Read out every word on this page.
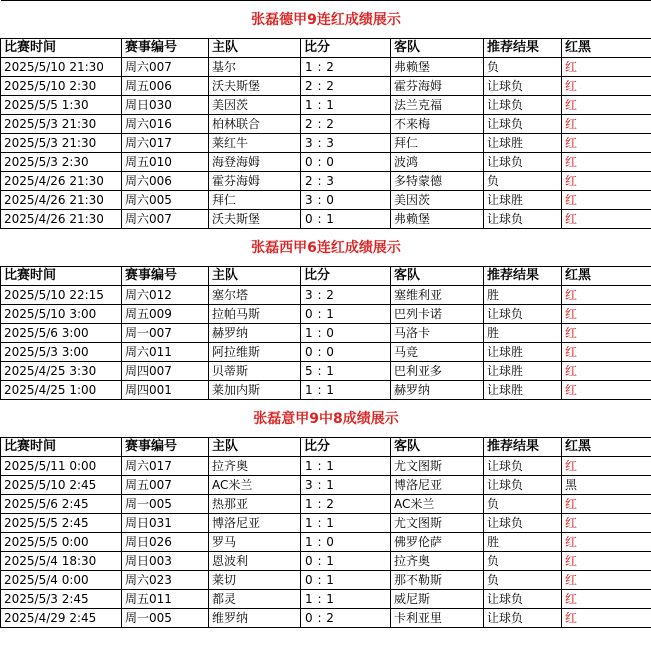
张磊德甲9连红成绩展示						
比赛时间	赛事编号	主队	比分	客队	推荐结果	红黑
2025/5/10 21:30	周六007	基尔	1 : 2	弗赖堡	负	红
2025/5/10 2:30	周五006	沃夫斯堡	2 : 2	霍芬海姆	让球负	红
2025/5/5 1:30	周日030	美因茨	1 : 1	法兰克福	让球负	红
2025/5/3 21:30	周六016	柏林联合	2 : 2	不来梅	让球负	红
2025/5/3 21:30	周六017	莱红牛	3 : 3	拜仁	让球胜	红
2025/5/3 2:30	周五010	海登海姆	0 : 0	波鸿	让球负	红
2025/4/26 21:30	周六006	霍芬海姆	2 : 3	多特蒙德	负	红
2025/4/26 21:30	周六005	拜仁	3 : 0	美因茨	让球胜	红
2025/4/26 21:30	周六007	沃夫斯堡	0 : 1	弗赖堡	让球负	红
张磊西甲6连红成绩展示						
比赛时间	赛事编号	主队	比分	客队	推荐结果	红黑
2025/5/10 22:15	周六012	塞尔塔	3 : 2	塞维利亚	胜	红
2025/5/10 3:00	周五009	拉帕马斯	0 : 1	巴列卡诺	让球负	红
2025/5/6 3:00	周一007	赫罗纳	1 : 0	马洛卡	胜	红
2025/5/3 3:00	周六011	阿拉维斯	0 : 0	马竞	让球胜	红
2025/4/25 3:30	周四007	贝蒂斯	5 : 1	巴利亚多	让球胜	红
2025/4/25 1:00	周四001	莱加内斯	1 : 1	赫罗纳	让球胜	红
张磊意甲9中8成绩展示						
比赛时间	赛事编号	主队	比分	客队	推荐结果	红黑
2025/5/11 0:00	周六017	拉齐奥	1 : 1	尤文图斯	让球负	红
2025/5/10 2:45	周五007	AC米兰	3 : 1	博洛尼亚	让球负	黑
2025/5/6 2:45	周一005	热那亚	1 : 2	AC米兰	负	红
2025/5/5 2:45	周日031	博洛尼亚	1 : 1	尤文图斯	让球负	红
2025/5/5 0:00	周日026	罗马	1 : 0	佛罗伦萨	胜	红
2025/5/4 18:30	周日003	恩波利	0 : 1	拉齐奥	负	红
2025/5/4 0:00	周六023	莱切	0 : 1	那不勒斯	负	红
2025/5/3 2:45	周五011	都灵	1 : 1	威尼斯	让球负	红
2025/4/29 2:45	周一005	维罗纳	0 : 2	卡利亚里	让球负	红
